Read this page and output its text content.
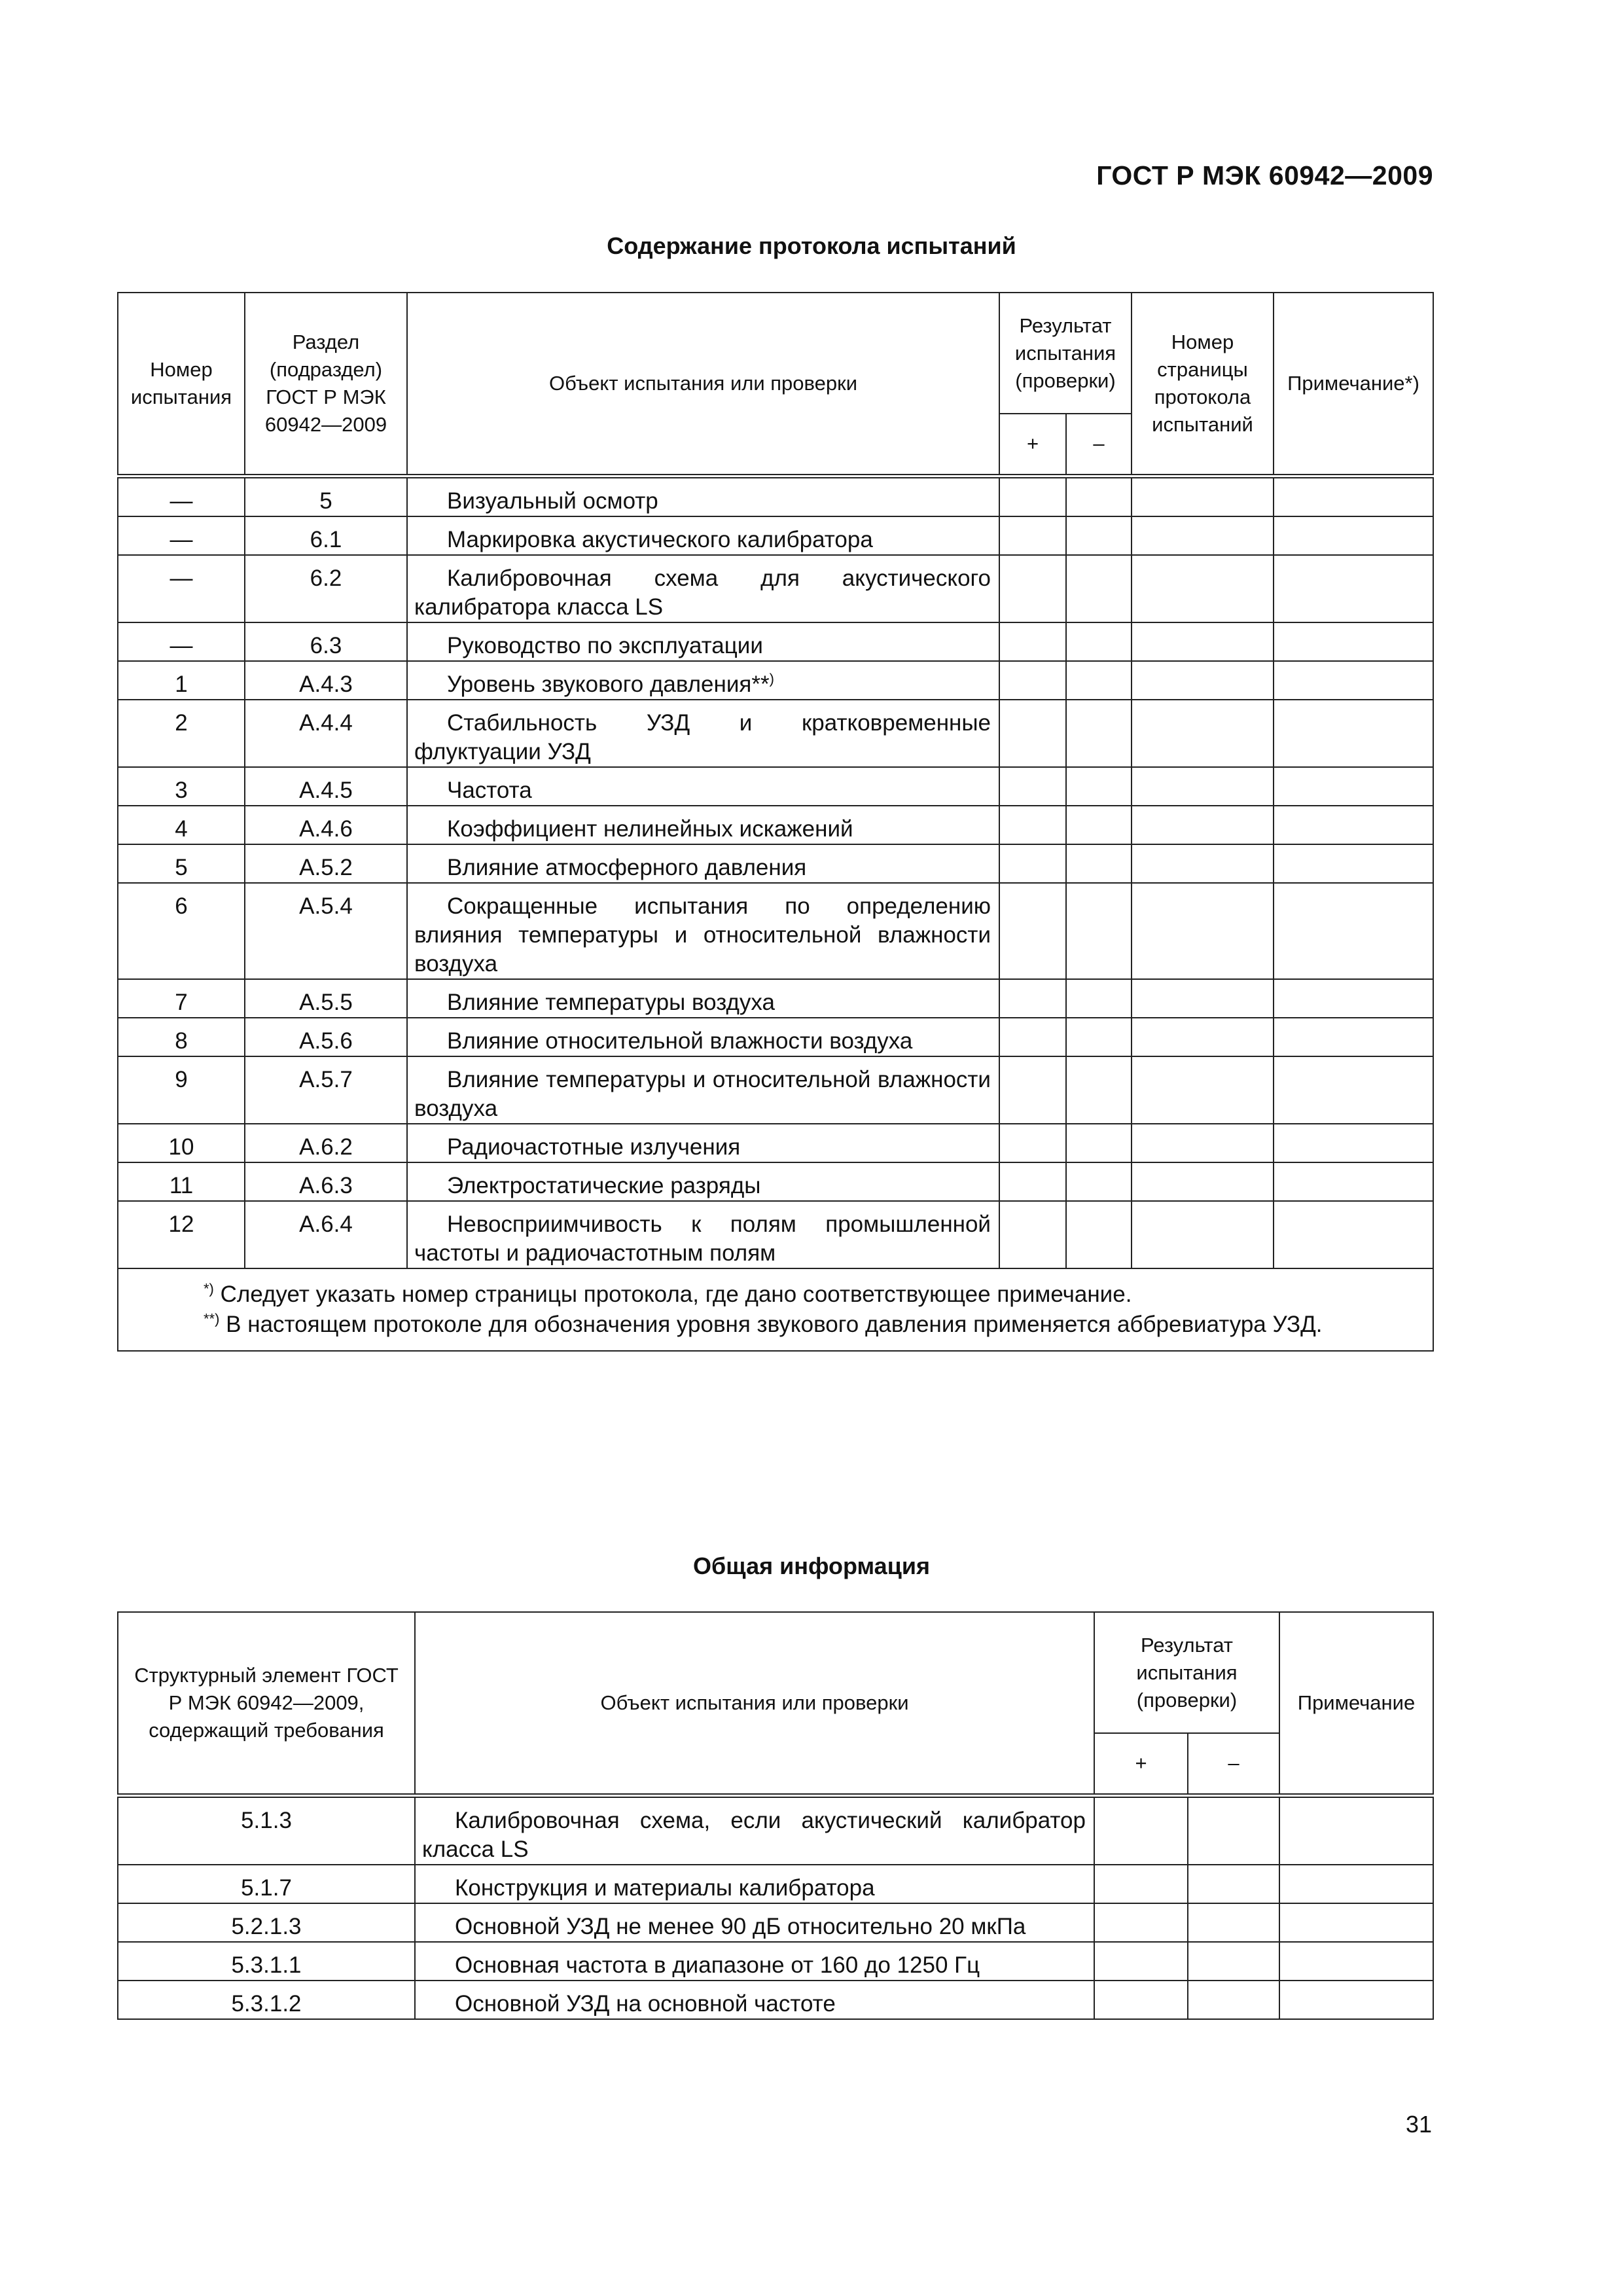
ГОСТ Р МЭК 60942—2009
Содержание протокола испытаний
Номер испытания	Раздел (подраздел) ГОСТ Р МЭК 60942—2009	Объект испытания или проверки	Результат испытания (проверки)		Номер страницы протокола испытаний	Примечание*)
			+	–		
—	5	Визуальный осмотр				
—	6.1	Маркировка акустического калибратора				
—	6.2	Калибровочная схема для акустического калибратора класса LS				
—	6.3	Руководство по эксплуатации				
1	А.4.3	Уровень звукового давления**)				
2	А.4.4	Стабильность УЗД и кратковременные флуктуации УЗД				
3	А.4.5	Частота				
4	А.4.6	Коэффициент нелинейных искажений				
5	А.5.2	Влияние атмосферного давления				
6	А.5.4	Сокращенные испытания по определению влияния температуры и относительной влажности воздуха				
7	А.5.5	Влияние температуры воздуха				
8	А.5.6	Влияние относительной влажности воздуха				
9	А.5.7	Влияние температуры и относительной влажности воздуха				
10	А.6.2	Радиочастотные излучения				
11	А.6.3	Электростатические разряды				
12	А.6.4	Невосприимчивость к полям промышленной частоты и радиочастотным полям				

*) Следует указать номер страницы протокола, где дано соответствующее примечание.
**) В настоящем протоколе для обозначения уровня звукового давления применяется аббревиатура УЗД.						
Общая информация
Структурный элемент ГОСТ Р МЭК 60942—2009, содержащий требования	Объект испытания или проверки	Результат испытания (проверки)		Примечание
		+	–	
5.1.3	Калибровочная схема, если акустический калибратор класса LS			
5.1.7	Конструкция и материалы калибратора			
5.2.1.3	Основной УЗД не менее 90 дБ относительно 20 мкПа			
5.3.1.1	Основная частота в диапазоне от 160 до 1250 Гц			
5.3.1.2	Основной УЗД на основной частоте			
31
